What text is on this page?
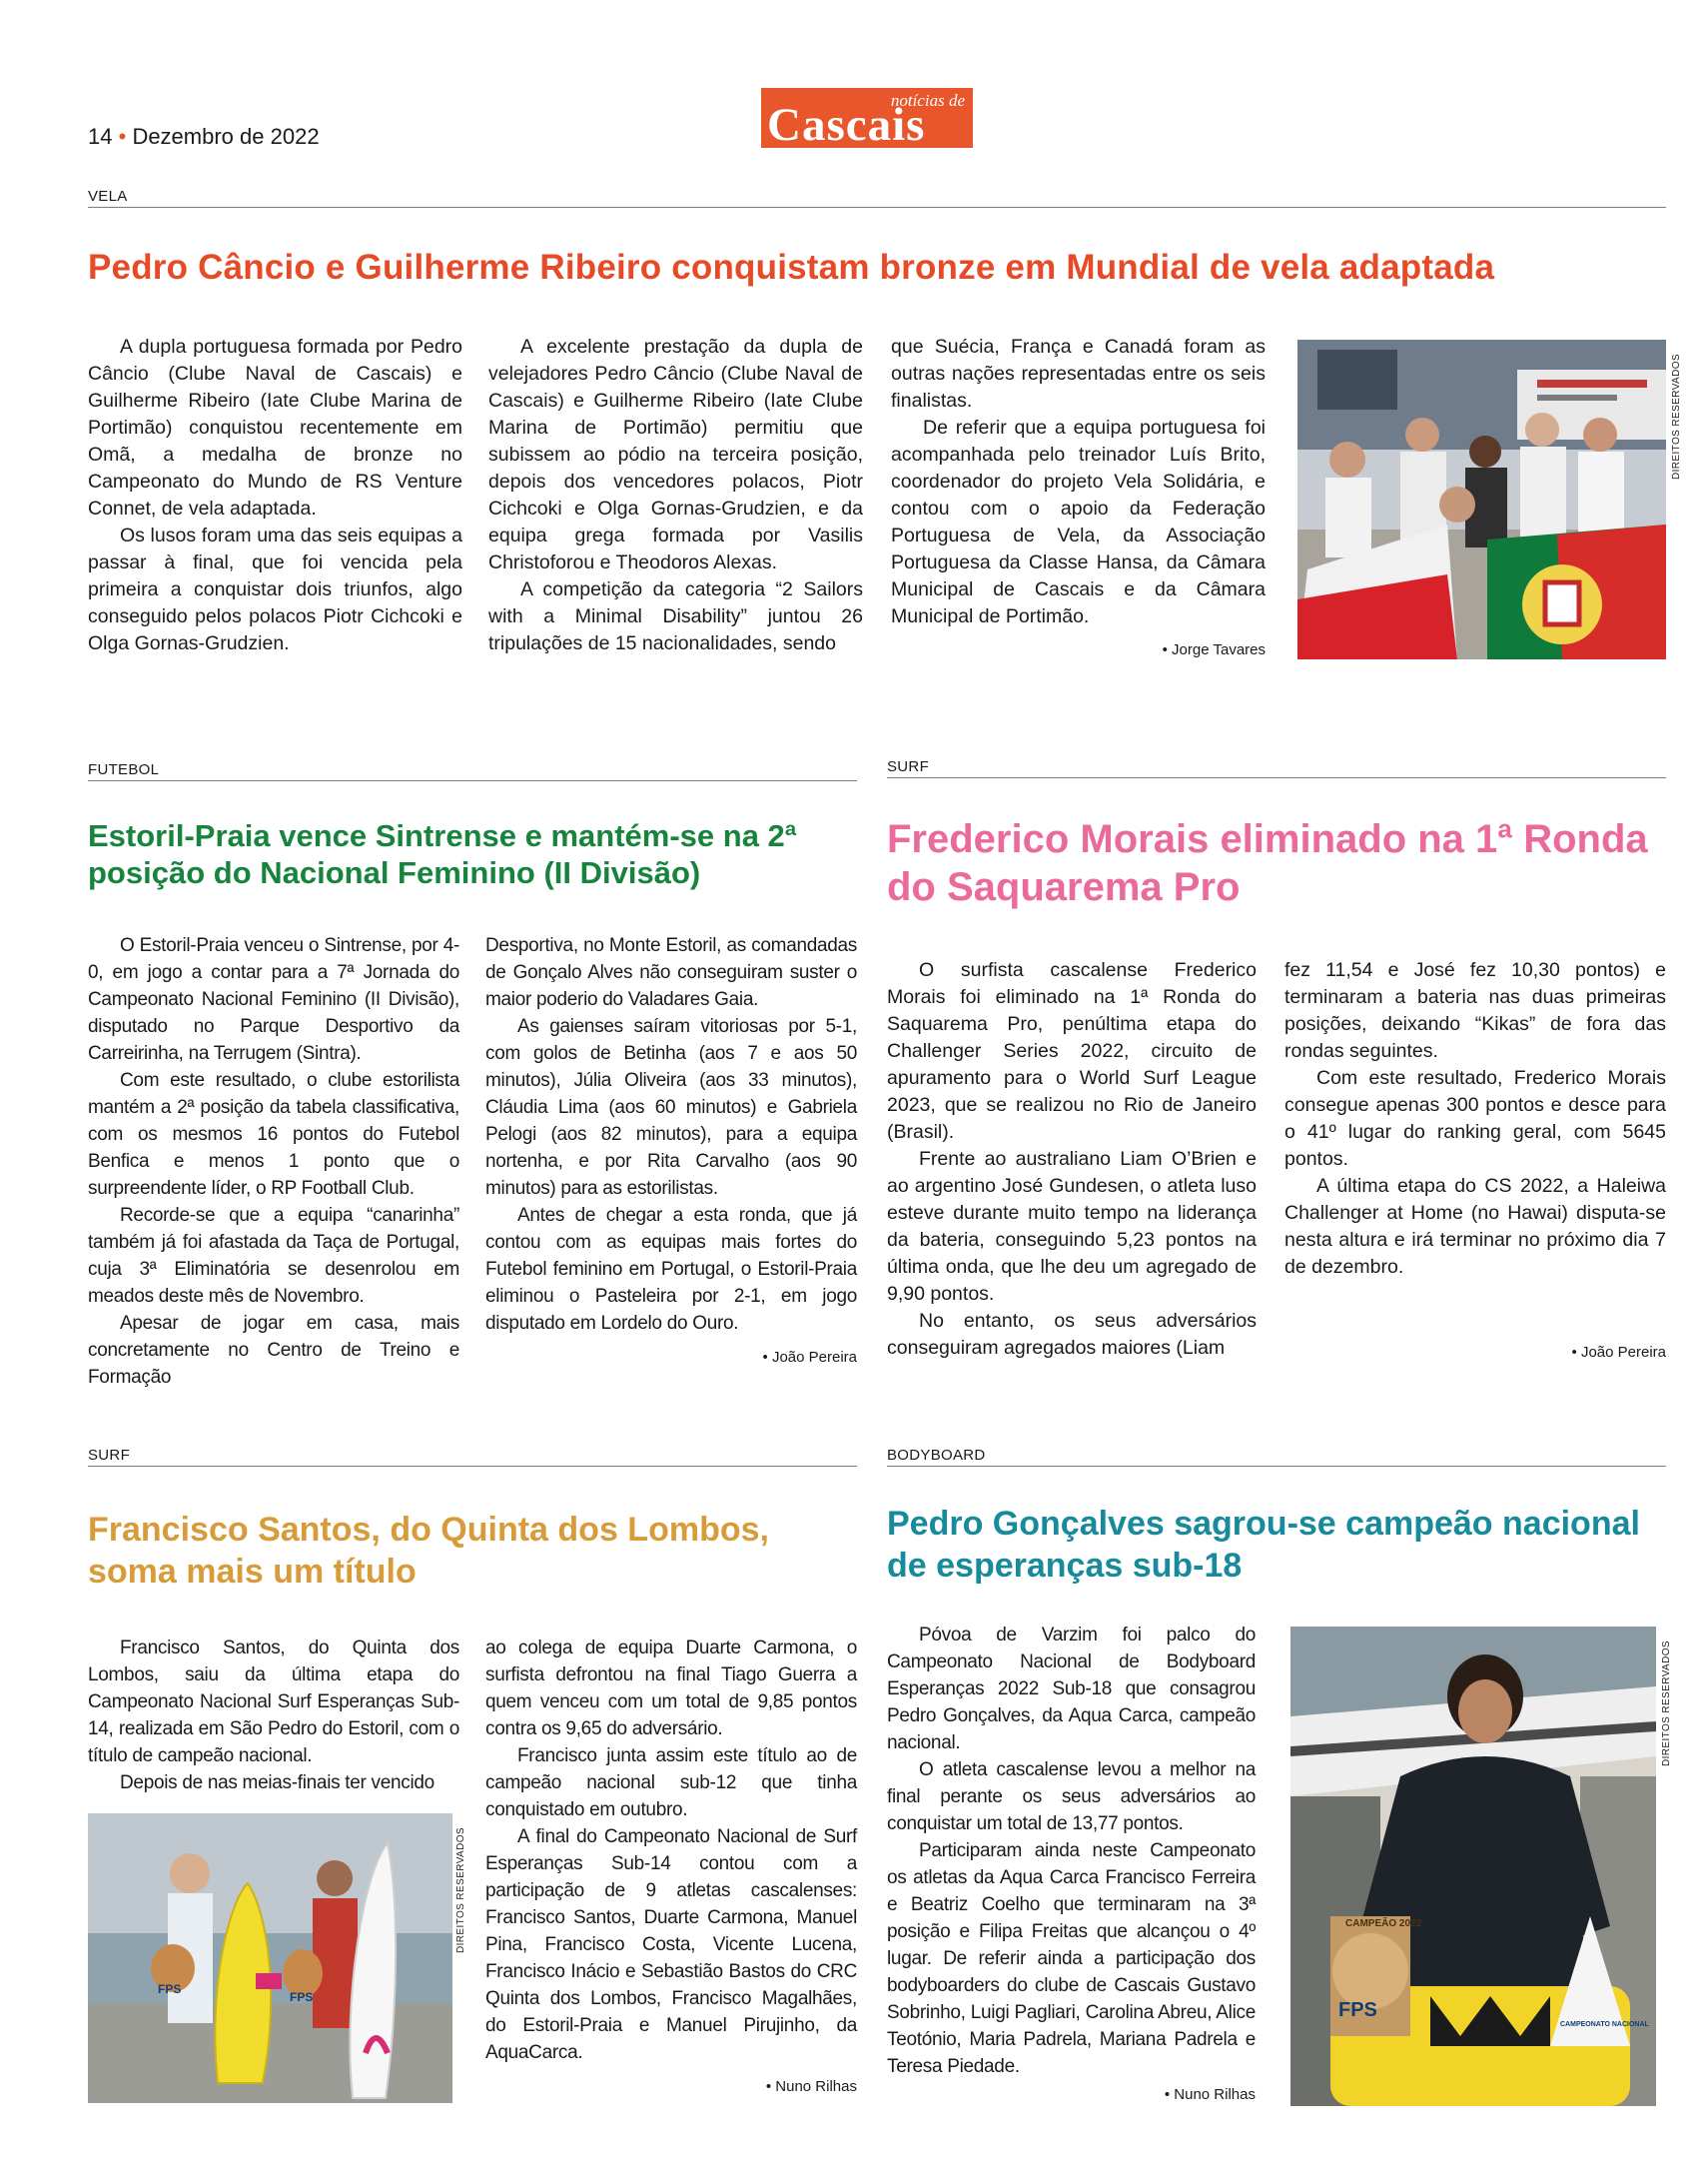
14 • Dezembro de 2022
notícias de
Cascais
VELA
Pedro Câncio e Guilherme Ribeiro conquistam bronze em Mundial de vela adaptada

A dupla portuguesa formada por Pedro Câncio (Clube Naval de Cascais) e Guilherme Ribeiro (Iate Clube Marina de Portimão) conquistou recentemente em Omã, a medalha de bronze no Campeonato do Mundo de RS Venture Connet, de vela adaptada.

Os lusos foram uma das seis equipas a passar à final, que foi vencida pela primeira a conquistar dois triunfos, algo conseguido pelos polacos Piotr Cichcoki e Olga Gornas-Grudzien.

A excelente prestação da dupla de velejadores Pedro Câncio (Clube Naval de Cascais) e Guilherme Ribeiro (Iate Clube Marina de Portimão) permitiu que subissem ao pódio na terceira posição, depois dos vencedores polacos, Piotr Cichcoki e Olga Gornas-Grudzien, e da equipa grega formada por Vasilis Christoforou e Theodoros Alexas.

A competição da categoria “2 Sailors with a Minimal Disability” juntou 26 tripulações de 15 nacionalidades, sendo

que Suécia, França e Canadá foram as outras nações representadas entre os seis finalistas.

De referir que a equipa portuguesa foi acompanhada pelo treinador Luís Brito, coordenador do projeto Vela Solidária, e contou com o apoio da Federação Portuguesa de Vela, da Associação Portuguesa da Classe Hansa, da Câmara Municipal de Cascais e da Câmara Municipal de Portimão.

• Jorge Tavares
DIREITOS RESERVADOS
FUTEBOL
Estoril-Praia vence Sintrense e mantém-se na 2ª posição do Nacional Feminino (II Divisão)

O Estoril-Praia venceu o Sintrense, por 4-0, em jogo a contar para a 7ª Jornada do Campeonato Nacional Feminino (II Divisão), disputado no Parque Desportivo da Carreirinha, na Terrugem (Sintra).

Com este resultado, o clube estorilista mantém a 2ª posição da tabela classificativa, com os mesmos 16 pontos do Futebol Benfica e menos 1 ponto que o surpreendente líder, o RP Football Club.

Recorde-se que a equipa “canarinha” também já foi afastada da Taça de Portugal, cuja 3ª Eliminatória se desenrolou em meados deste mês de Novembro.

Apesar de jogar em casa, mais concretamente no Centro de Treino e Formação

Desportiva, no Monte Estoril, as comandadas de Gonçalo Alves não conseguiram suster o maior poderio do Valadares Gaia.

As gaienses saíram vitoriosas por 5-1, com golos de Betinha (aos 7 e aos 50 minutos), Júlia Oliveira (aos 33 minutos), Cláudia Lima (aos 60 minutos) e Gabriela Pelogi (aos 82 minutos), para a equipa nortenha, e por Rita Carvalho (aos 90 minutos) para as estorilistas.

Antes de chegar a esta ronda, que já contou com as equipas mais fortes do Futebol feminino em Portugal, o Estoril-Praia eliminou o Pasteleira por 2-1, em jogo disputado em Lordelo do Ouro.

• João Pereira
SURF
Frederico Morais eliminado na 1ª Ronda do Saquarema Pro

O surfista cascalense Frederico Morais foi eliminado na 1ª Ronda do Saquarema Pro, penúltima etapa do Challenger Series 2022, circuito de apuramento para o World Surf League 2023, que se realizou no Rio de Janeiro (Brasil).

Frente ao australiano Liam O’Brien e ao argentino José Gundesen, o atleta luso esteve durante muito tempo na liderança da bateria, conseguindo 5,23 pontos na última onda, que lhe deu um agregado de 9,90 pontos.

No entanto, os seus adversários conseguiram agregados maiores (Liam

fez 11,54 e José fez 10,30 pontos) e terminaram a bateria nas duas primeiras posições, deixando “Kikas” de fora das rondas seguintes.

Com este resultado, Frederico Morais consegue apenas 300 pontos e desce para o 41º lugar do ranking geral, com 5645 pontos.

A última etapa do CS 2022, a Haleiwa Challenger at Home (no Hawai) disputa-se nesta altura e irá terminar no próximo dia 7 de dezembro.

• João Pereira
SURF
Francisco Santos, do Quinta dos Lombos, soma mais um título

Francisco Santos, do Quinta dos Lombos, saiu da última etapa do Campeonato Nacional Surf Esperanças Sub-14, realizada em São Pedro do Estoril, com o título de campeão nacional.

Depois de nas meias-finais ter vencido

FPS
FPS
DIREITOS RESERVADOS

ao colega de equipa Duarte Carmona, o surfista defrontou na final Tiago Guerra a quem venceu com um total de 9,85 pontos contra os 9,65 do adversário.

Francisco junta assim este título ao de campeão nacional sub-12 que tinha conquistado em outubro.

A final do Campeonato Nacional de Surf Esperanças Sub-14 contou com a participação de 9 atletas cascalenses: Francisco Santos, Duarte Carmona, Manuel Pina, Francisco Costa, Vicente Lucena, Francisco Inácio e Sebastião Bastos do CRC Quinta dos Lombos, Francisco Magalhães, do Estoril-Praia e Manuel Pirujinho, da AquaCarca.

• Nuno Rilhas
BODYBOARD
Pedro Gonçalves sagrou-se campeão nacional de esperanças sub-18

Póvoa de Varzim foi palco do Campeonato Nacional de Bodyboard Esperanças 2022 Sub-18 que consagrou Pedro Gonçalves, da Aqua Carca, campeão nacional.

O atleta cascalense levou a melhor na final perante os seus adversários ao conquistar um total de 13,77 pontos.

Participaram ainda neste Campeonato os atletas da Aqua Carca Francisco Ferreira e Beatriz Coelho que terminaram na 3ª posição e Filipa Freitas que alcançou o 4º lugar. De referir ainda a participação dos bodyboarders do clube de Cascais Gustavo Sobrinho, Luigi Pagliari, Carolina Abreu, Alice Teotónio, Maria Padrela, Mariana Padrela e Teresa Piedade.

• Nuno Rilhas
CAMPEÃO 2022
FPS
CAMPEONATO NACIONAL
DIREITOS RESERVADOS
